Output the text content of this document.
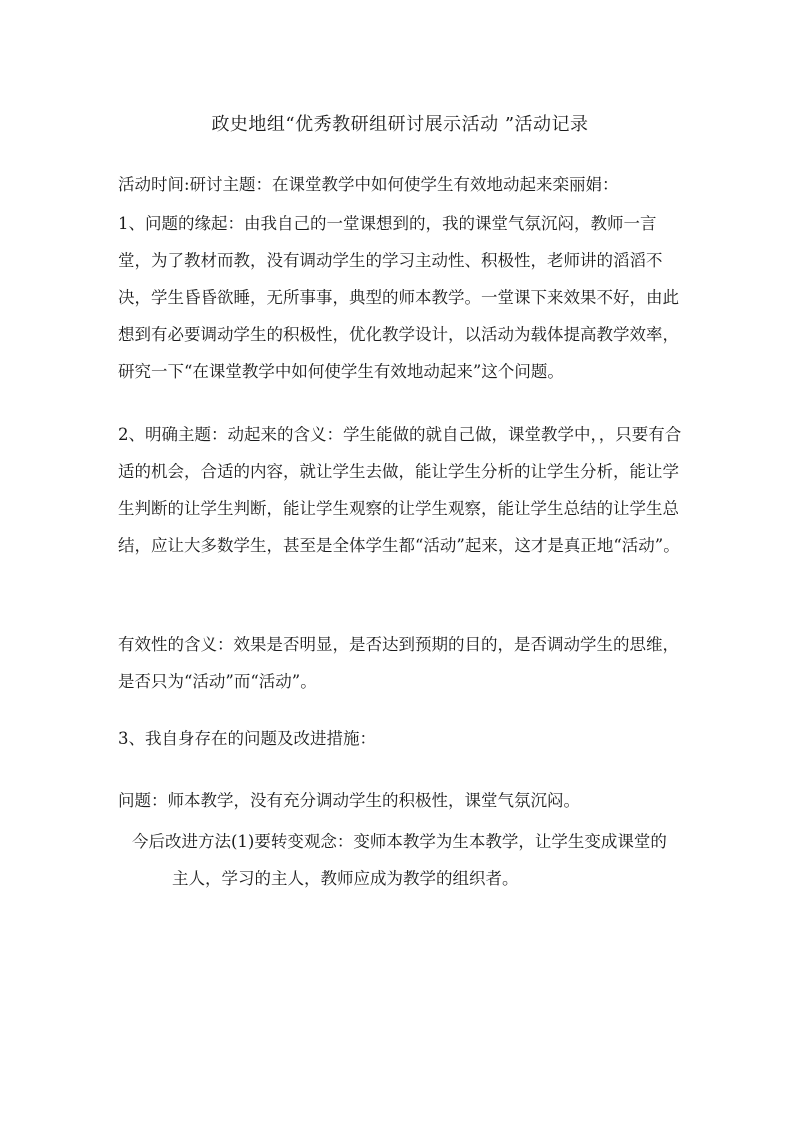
政史地组“优秀教研组研讨展示活动 ”活动记录

活动时间:研讨主题：在课堂教学中如何使学生有效地动起来栾丽娟：

1、问题的缘起：由我自己的一堂课想到的，我的课堂气氛沉闷，教师一言堂，为了教材而教，没有调动学生的学习主动性、积极性，老师讲的滔滔不决，学生昏昏欲睡，无所事事，典型的师本教学。一堂课下来效果不好，由此想到有必要调动学生的积极性，优化教学设计，以活动为载体提高教学效率，研究一下“在课堂教学中如何使学生有效地动起来”这个问题。

2、明确主题：动起来的含义：学生能做的就自己做，课堂教学中，，只要有合适的机会，合适的内容，就让学生去做，能让学生分析的让学生分析，能让学生判断的让学生判断，能让学生观察的让学生观察，能让学生总结的让学生总结，应让大多数学生，甚至是全体学生都“活动”起来，这才是真正地“活动”。

有效性的含义：效果是否明显，是否达到预期的目的，是否调动学生的思维，是否只为“活动”而“活动”。

3、我自身存在的问题及改进措施：

问题：师本教学，没有充分调动学生的积极性，课堂气氛沉闷。

今后改进方法(1)要转变观念：变师本教学为生本教学，让学生变成课堂的

主人，学习的主人，教师应成为教学的组织者。
